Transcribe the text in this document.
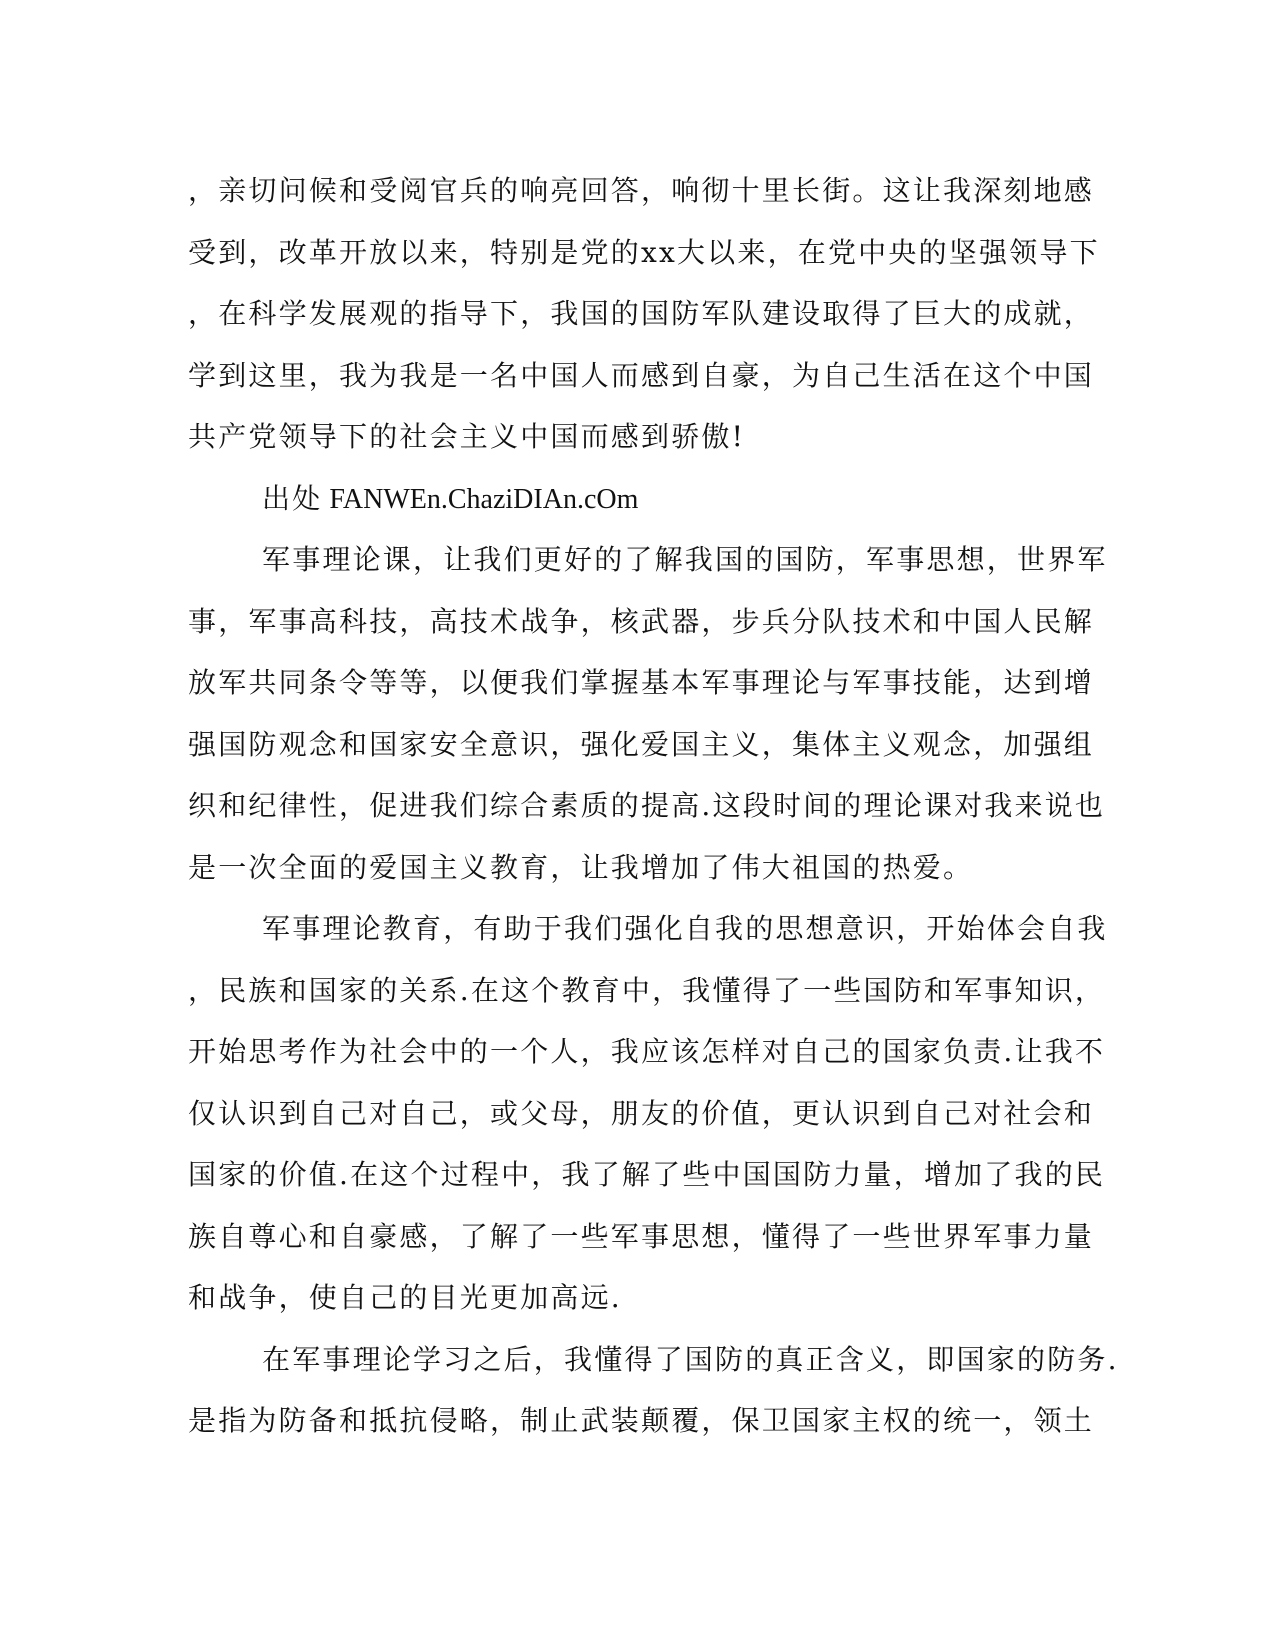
，亲切问候和受阅官兵的响亮回答，响彻十里长街。这让我深刻地感
受到，改革开放以来，特别是党的xx大以来，在党中央的坚强领导下
，在科学发展观的指导下，我国的国防军队建设取得了巨大的成就，
学到这里，我为我是一名中国人而感到自豪，为自己生活在这个中国
共产党领导下的社会主义中国而感到骄傲!
出处 FANWEn.ChaziDIAn.cOm
军事理论课，让我们更好的了解我国的国防，军事思想，世界军
事，军事高科技，高技术战争，核武器，步兵分队技术和中国人民解
放军共同条令等等，以便我们掌握基本军事理论与军事技能，达到增
强国防观念和国家安全意识，强化爱国主义，集体主义观念，加强组
织和纪律性，促进我们综合素质的提高.这段时间的理论课对我来说也
是一次全面的爱国主义教育，让我增加了伟大祖国的热爱。
军事理论教育，有助于我们强化自我的思想意识，开始体会自我
，民族和国家的关系.在这个教育中，我懂得了一些国防和军事知识，
开始思考作为社会中的一个人，我应该怎样对自己的国家负责.让我不
仅认识到自己对自己，或父母，朋友的价值，更认识到自己对社会和
国家的价值.在这个过程中，我了解了些中国国防力量，增加了我的民
族自尊心和自豪感，了解了一些军事思想，懂得了一些世界军事力量
和战争，使自己的目光更加高远.
在军事理论学习之后，我懂得了国防的真正含义，即国家的防务.
是指为防备和抵抗侵略，制止武装颠覆，保卫国家主权的统一，领土
